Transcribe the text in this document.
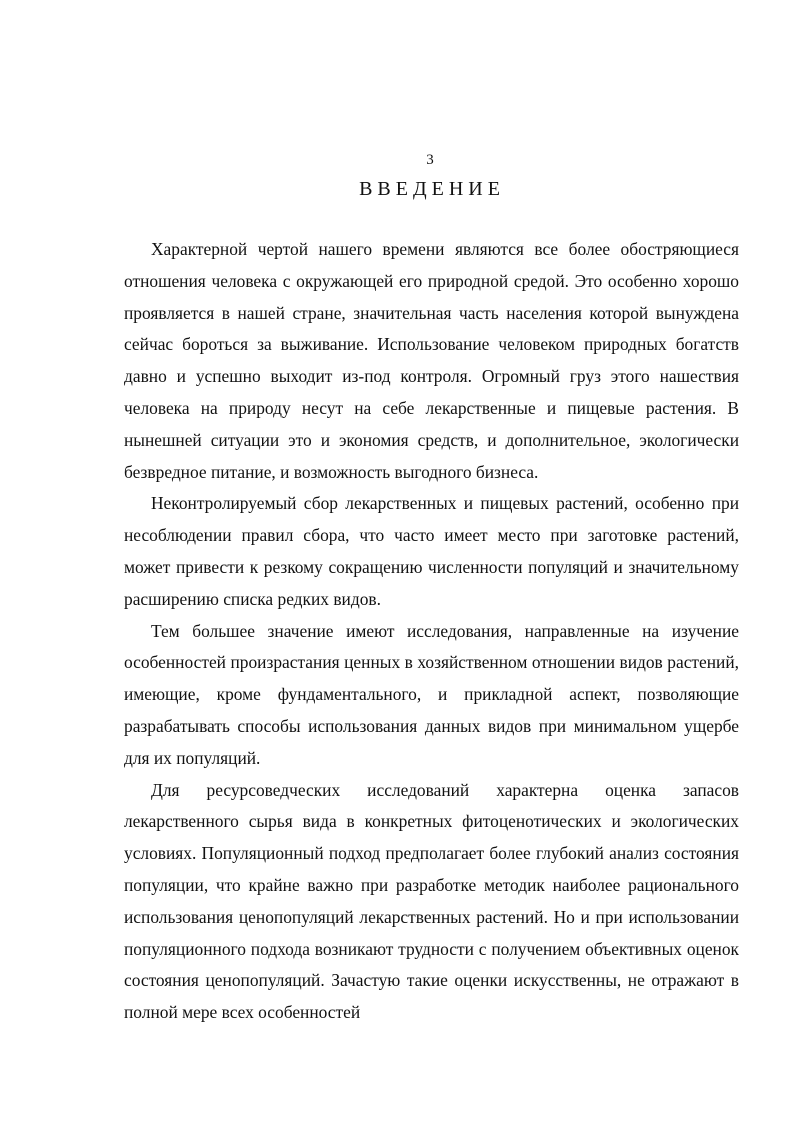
3
ВВЕДЕНИЕ

Характерной чертой нашего времени являются все более обостряющиеся отношения человека с окружающей его природной средой. Это особенно хорошо проявляется в нашей стране, значительная часть населения которой вынуждена сейчас бороться за выживание. Использование человеком природных богатств давно и успешно выходит из-под контроля. Огромный груз этого нашествия человека на природу несут на себе лекарственные и пищевые растения. В нынешней ситуации это и экономия средств, и дополнительное, экологически безвредное питание, и возможность выгодного бизнеса.

Неконтролируемый сбор лекарственных и пищевых растений, особенно при несоблюдении правил сбора, что часто имеет место при заготовке растений, может привести к резкому сокращению численности популяций и значительному расширению списка редких видов.

Тем большее значение имеют исследования, направленные на изучение особенностей произрастания ценных в хозяйственном отношении видов растений, имеющие, кроме фундаментального, и прикладной аспект, позволяющие разрабатывать способы использования данных видов при минимальном ущербе для их популяций.

Для ресурсоведческих исследований характерна оценка запасов лекарственного сырья вида в конкретных фитоценотических и экологических условиях. Популяционный подход предполагает более глубокий анализ состояния популяции, что крайне важно при разработке методик наиболее рационального использования ценопопуляций лекарственных растений. Но и при использовании популяционного подхода возникают трудности с получением объективных оценок состояния ценопопуляций. Зачастую такие оценки искусственны, не отражают в полной мере всех особенностей
